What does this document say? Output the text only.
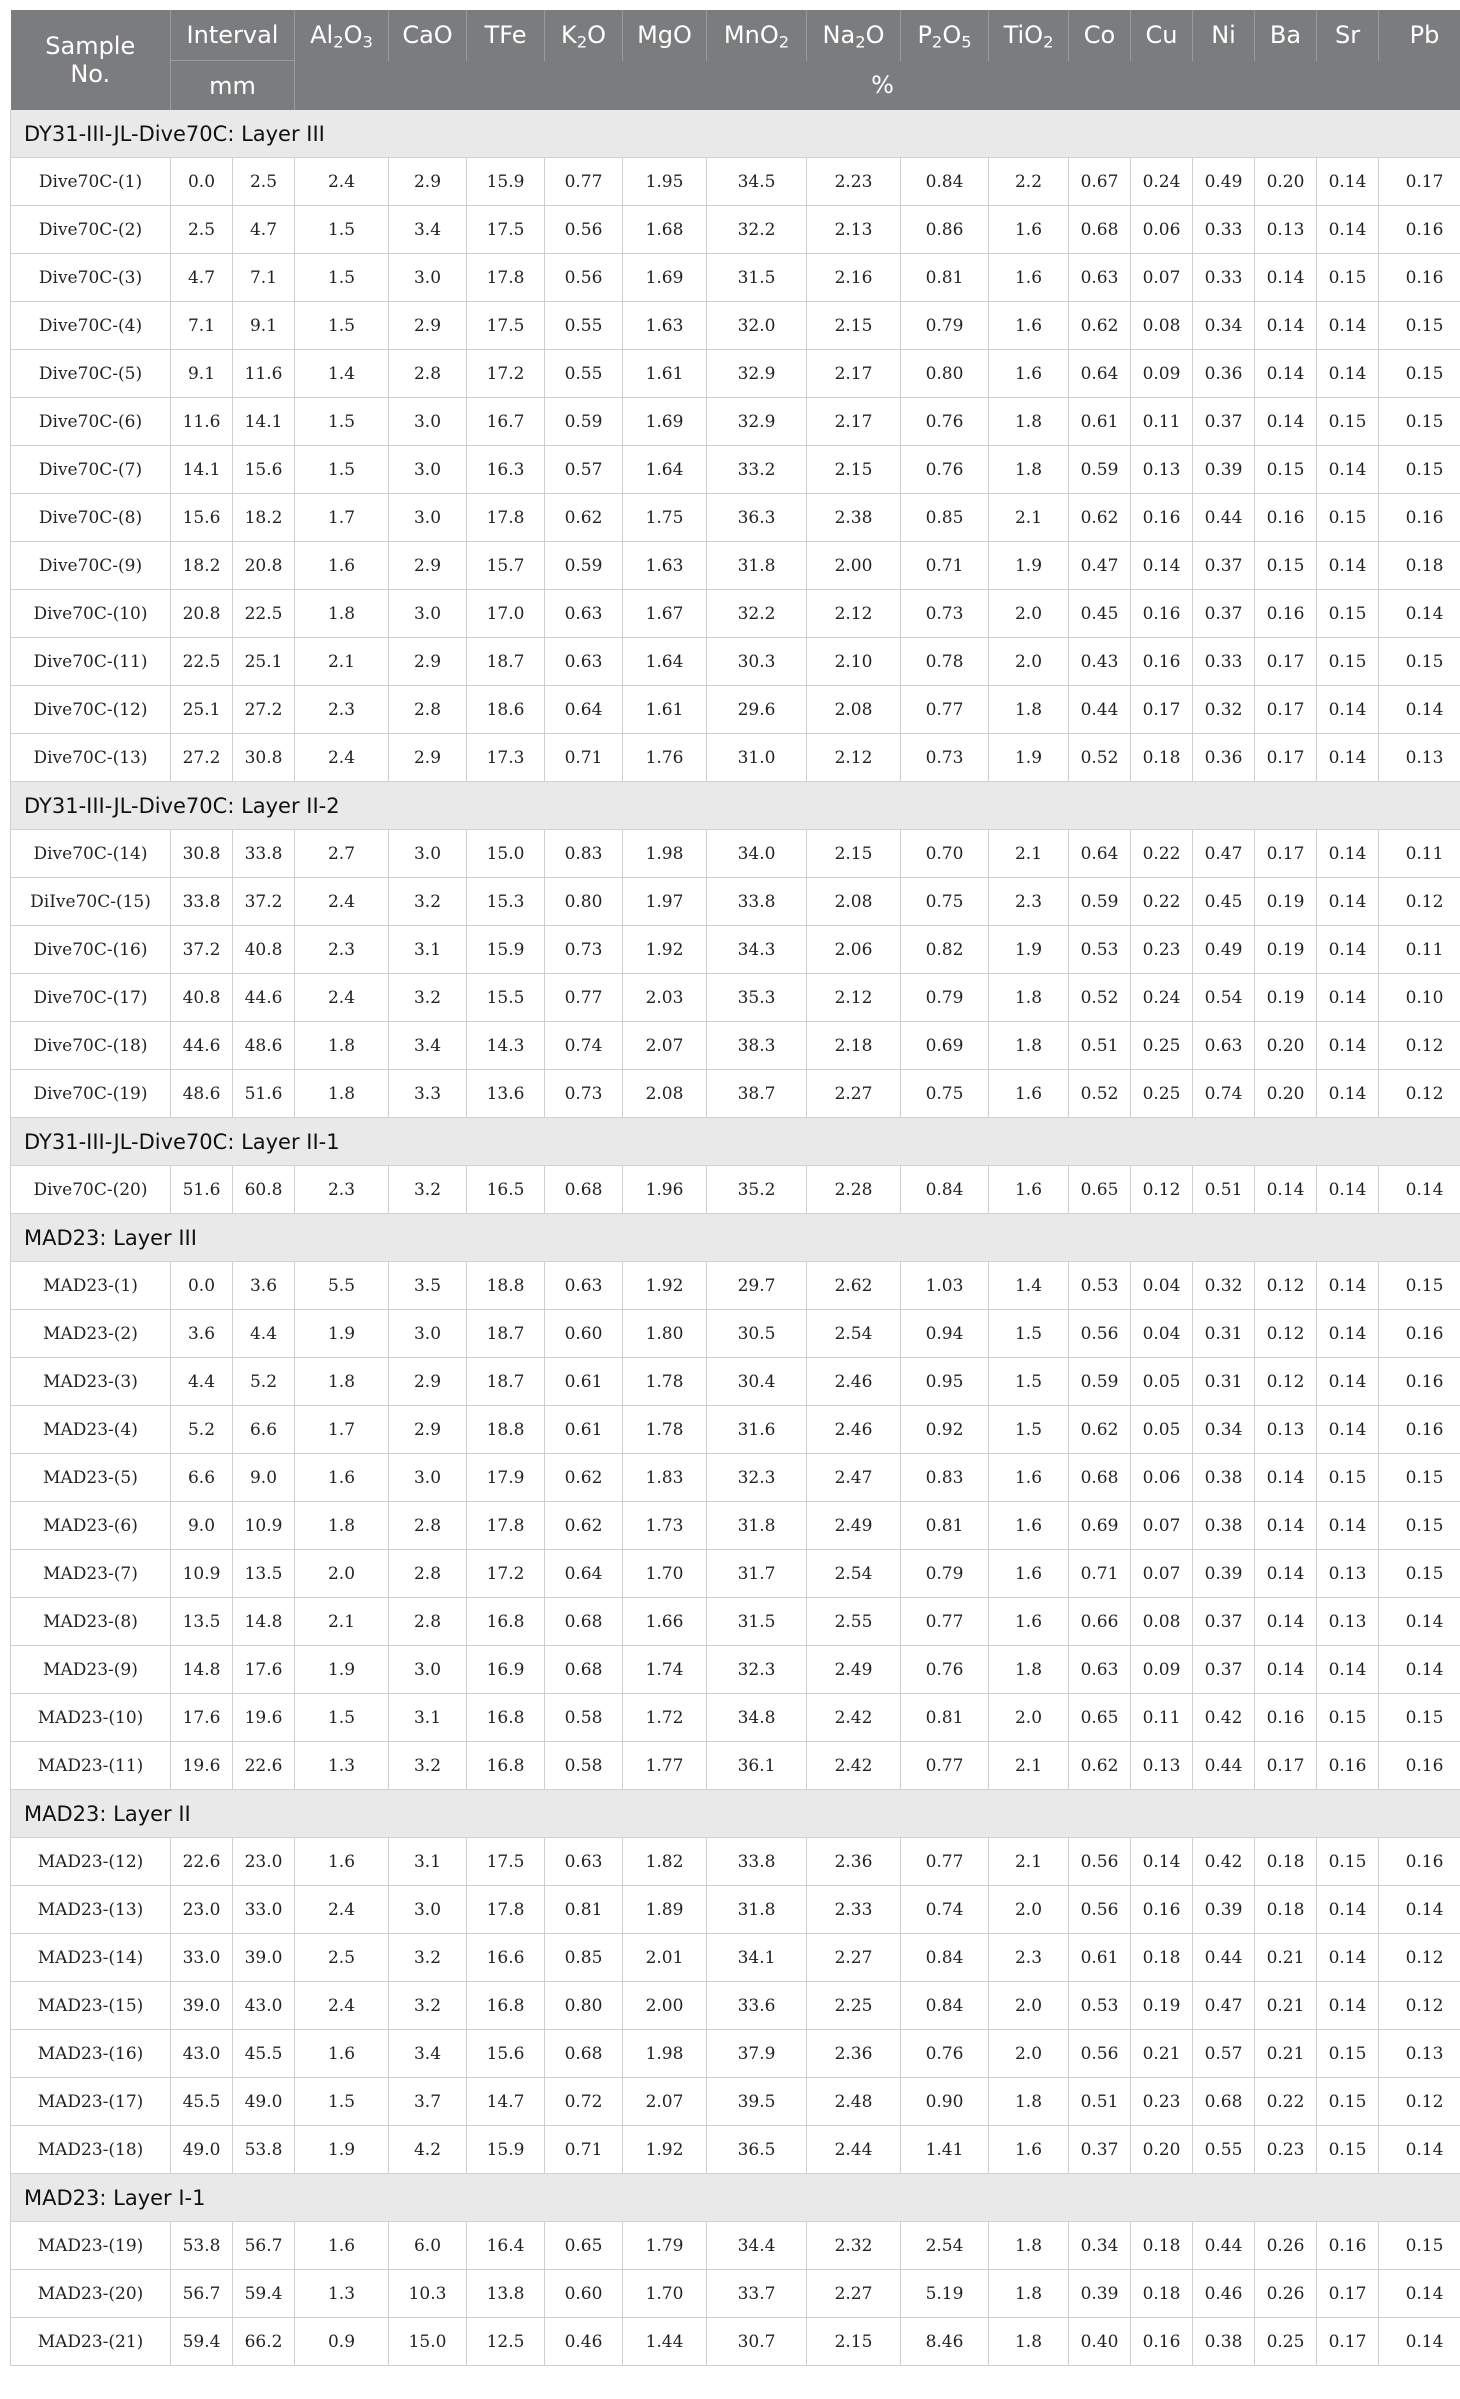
Sample No.	Interval		$Al_2O_3$	CaO	TFe	$K_2O$	MgO	MnO$_2$	$Na_2O$	$P_2O_5$	TiO$_2$	Co	Cu	Ni	Ba	Sr	Pb
	mm		%														
DY31-III-JL-Dive70C: Layer III																	
Dive70C-(1)	0.0	2.5	2.4	2.9	15.9	0.77	1.95	34.5	2.23	0.84	2.2	0.67	0.24	0.49	0.20	0.14	0.17
Dive70C-(2)	2.5	4.7	1.5	3.4	17.5	0.56	1.68	32.2	2.13	0.86	1.6	0.68	0.06	0.33	0.13	0.14	0.16
Dive70C-(3)	4.7	7.1	1.5	3.0	17.8	0.56	1.69	31.5	2.16	0.81	1.6	0.63	0.07	0.33	0.14	0.15	0.16
Dive70C-(4)	7.1	9.1	1.5	2.9	17.5	0.55	1.63	32.0	2.15	0.79	1.6	0.62	0.08	0.34	0.14	0.14	0.15
Dive70C-(5)	9.1	11.6	1.4	2.8	17.2	0.55	1.61	32.9	2.17	0.80	1.6	0.64	0.09	0.36	0.14	0.14	0.15
Dive70C-(6)	11.6	14.1	1.5	3.0	16.7	0.59	1.69	32.9	2.17	0.76	1.8	0.61	0.11	0.37	0.14	0.15	0.15
Dive70C-(7)	14.1	15.6	1.5	3.0	16.3	0.57	1.64	33.2	2.15	0.76	1.8	0.59	0.13	0.39	0.15	0.14	0.15
Dive70C-(8)	15.6	18.2	1.7	3.0	17.8	0.62	1.75	36.3	2.38	0.85	2.1	0.62	0.16	0.44	0.16	0.15	0.16
Dive70C-(9)	18.2	20.8	1.6	2.9	15.7	0.59	1.63	31.8	2.00	0.71	1.9	0.47	0.14	0.37	0.15	0.14	0.18
Dive70C-(10)	20.8	22.5	1.8	3.0	17.0	0.63	1.67	32.2	2.12	0.73	2.0	0.45	0.16	0.37	0.16	0.15	0.14
Dive70C-(11)	22.5	25.1	2.1	2.9	18.7	0.63	1.64	30.3	2.10	0.78	2.0	0.43	0.16	0.33	0.17	0.15	0.15
Dive70C-(12)	25.1	27.2	2.3	2.8	18.6	0.64	1.61	29.6	2.08	0.77	1.8	0.44	0.17	0.32	0.17	0.14	0.14
Dive70C-(13)	27.2	30.8	2.4	2.9	17.3	0.71	1.76	31.0	2.12	0.73	1.9	0.52	0.18	0.36	0.17	0.14	0.13
DY31-III-JL-Dive70C: Layer II-2																	
Dive70C-(14)	30.8	33.8	2.7	3.0	15.0	0.83	1.98	34.0	2.15	0.70	2.1	0.64	0.22	0.47	0.17	0.14	0.11
DiIve70C-(15)	33.8	37.2	2.4	3.2	15.3	0.80	1.97	33.8	2.08	0.75	2.3	0.59	0.22	0.45	0.19	0.14	0.12
Dive70C-(16)	37.2	40.8	2.3	3.1	15.9	0.73	1.92	34.3	2.06	0.82	1.9	0.53	0.23	0.49	0.19	0.14	0.11
Dive70C-(17)	40.8	44.6	2.4	3.2	15.5	0.77	2.03	35.3	2.12	0.79	1.8	0.52	0.24	0.54	0.19	0.14	0.10
Dive70C-(18)	44.6	48.6	1.8	3.4	14.3	0.74	2.07	38.3	2.18	0.69	1.8	0.51	0.25	0.63	0.20	0.14	0.12
Dive70C-(19)	48.6	51.6	1.8	3.3	13.6	0.73	2.08	38.7	2.27	0.75	1.6	0.52	0.25	0.74	0.20	0.14	0.12
DY31-III-JL-Dive70C: Layer II-1																	
Dive70C-(20)	51.6	60.8	2.3	3.2	16.5	0.68	1.96	35.2	2.28	0.84	1.6	0.65	0.12	0.51	0.14	0.14	0.14
MAD23: Layer III																	
MAD23-(1)	0.0	3.6	5.5	3.5	18.8	0.63	1.92	29.7	2.62	1.03	1.4	0.53	0.04	0.32	0.12	0.14	0.15
MAD23-(2)	3.6	4.4	1.9	3.0	18.7	0.60	1.80	30.5	2.54	0.94	1.5	0.56	0.04	0.31	0.12	0.14	0.16
MAD23-(3)	4.4	5.2	1.8	2.9	18.7	0.61	1.78	30.4	2.46	0.95	1.5	0.59	0.05	0.31	0.12	0.14	0.16
MAD23-(4)	5.2	6.6	1.7	2.9	18.8	0.61	1.78	31.6	2.46	0.92	1.5	0.62	0.05	0.34	0.13	0.14	0.16
MAD23-(5)	6.6	9.0	1.6	3.0	17.9	0.62	1.83	32.3	2.47	0.83	1.6	0.68	0.06	0.38	0.14	0.15	0.15
MAD23-(6)	9.0	10.9	1.8	2.8	17.8	0.62	1.73	31.8	2.49	0.81	1.6	0.69	0.07	0.38	0.14	0.14	0.15
MAD23-(7)	10.9	13.5	2.0	2.8	17.2	0.64	1.70	31.7	2.54	0.79	1.6	0.71	0.07	0.39	0.14	0.13	0.15
MAD23-(8)	13.5	14.8	2.1	2.8	16.8	0.68	1.66	31.5	2.55	0.77	1.6	0.66	0.08	0.37	0.14	0.13	0.14
MAD23-(9)	14.8	17.6	1.9	3.0	16.9	0.68	1.74	32.3	2.49	0.76	1.8	0.63	0.09	0.37	0.14	0.14	0.14
MAD23-(10)	17.6	19.6	1.5	3.1	16.8	0.58	1.72	34.8	2.42	0.81	2.0	0.65	0.11	0.42	0.16	0.15	0.15
MAD23-(11)	19.6	22.6	1.3	3.2	16.8	0.58	1.77	36.1	2.42	0.77	2.1	0.62	0.13	0.44	0.17	0.16	0.16
MAD23: Layer II																	
MAD23-(12)	22.6	23.0	1.6	3.1	17.5	0.63	1.82	33.8	2.36	0.77	2.1	0.56	0.14	0.42	0.18	0.15	0.16
MAD23-(13)	23.0	33.0	2.4	3.0	17.8	0.81	1.89	31.8	2.33	0.74	2.0	0.56	0.16	0.39	0.18	0.14	0.14
MAD23-(14)	33.0	39.0	2.5	3.2	16.6	0.85	2.01	34.1	2.27	0.84	2.3	0.61	0.18	0.44	0.21	0.14	0.12
MAD23-(15)	39.0	43.0	2.4	3.2	16.8	0.80	2.00	33.6	2.25	0.84	2.0	0.53	0.19	0.47	0.21	0.14	0.12
MAD23-(16)	43.0	45.5	1.6	3.4	15.6	0.68	1.98	37.9	2.36	0.76	2.0	0.56	0.21	0.57	0.21	0.15	0.13
MAD23-(17)	45.5	49.0	1.5	3.7	14.7	0.72	2.07	39.5	2.48	0.90	1.8	0.51	0.23	0.68	0.22	0.15	0.12
MAD23-(18)	49.0	53.8	1.9	4.2	15.9	0.71	1.92	36.5	2.44	1.41	1.6	0.37	0.20	0.55	0.23	0.15	0.14
MAD23: Layer I-1																	
MAD23-(19)	53.8	56.7	1.6	6.0	16.4	0.65	1.79	34.4	2.32	2.54	1.8	0.34	0.18	0.44	0.26	0.16	0.15
MAD23-(20)	56.7	59.4	1.3	10.3	13.8	0.60	1.70	33.7	2.27	5.19	1.8	0.39	0.18	0.46	0.26	0.17	0.14
MAD23-(21)	59.4	66.2	0.9	15.0	12.5	0.46	1.44	30.7	2.15	8.46	1.8	0.40	0.16	0.38	0.25	0.17	0.14
